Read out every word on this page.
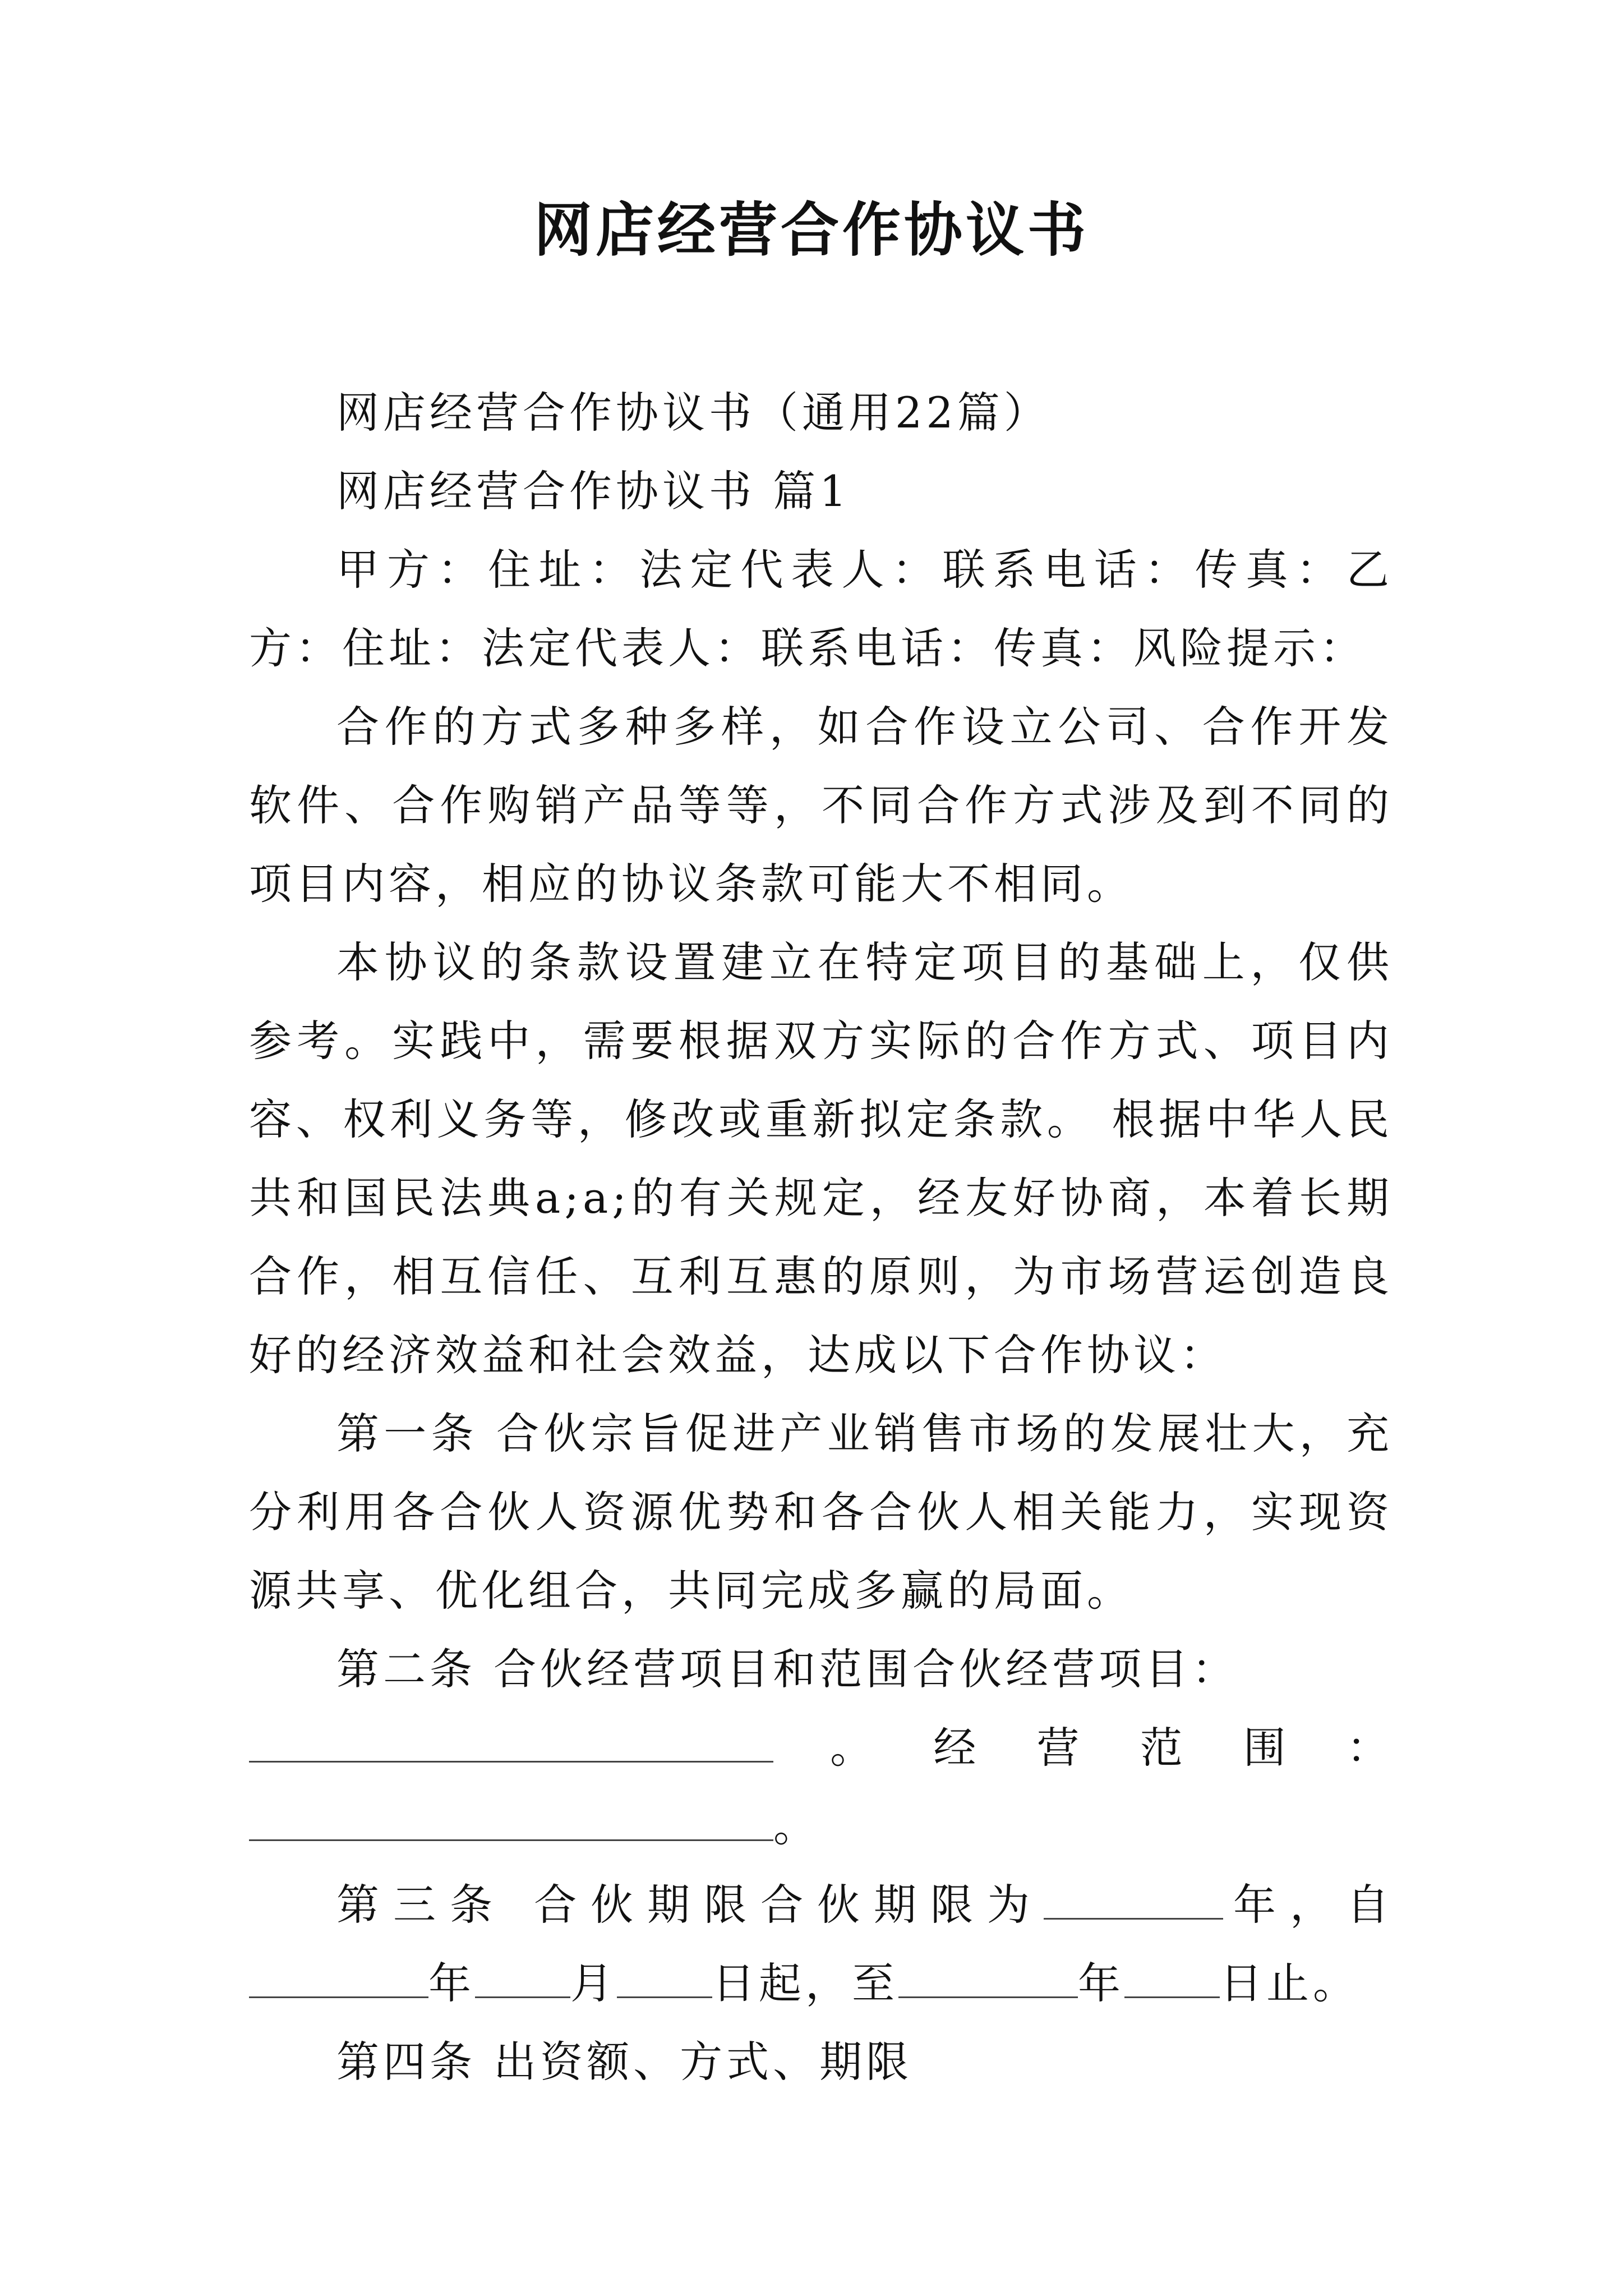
网店经营合作协议书

网店经营合作协议书（通用22篇）

网店经营合作协议书 篇1

甲方：住址：法定代表人：联系电话：传真：乙方：住址：法定代表人：联系电话：传真：风险提示：

合作的方式多种多样，如合作设立公司、合作开发软件、合作购销产品等等，不同合作方式涉及到不同的项目内容，相应的协议条款可能大不相同。

本协议的条款设置建立在特定项目的基础上，仅供参考。实践中，需要根据双方实际的合作方式、项目内容、权利义务等，修改或重新拟定条款。 根据中华人民共和国民法典a;a;的有关规定，经友好协商，本着长期合作，相互信任、互利互惠的原则，为市场营运创造良好的经济效益和社会效益，达成以下合作协议：

第一条 合伙宗旨促进产业销售市场的发展壮大，充分利用各合伙人资源优势和各合伙人相关能力，实现资源共享、优化组合，共同完成多赢的局面。

第二条 合伙经营项目和范围合伙经营项目：

。 经 营 范 围 ：

。

第三条 合伙期限合伙期限为	年，自年 月 日起，至	年 日止。

第四条 出资额、方式、期限
